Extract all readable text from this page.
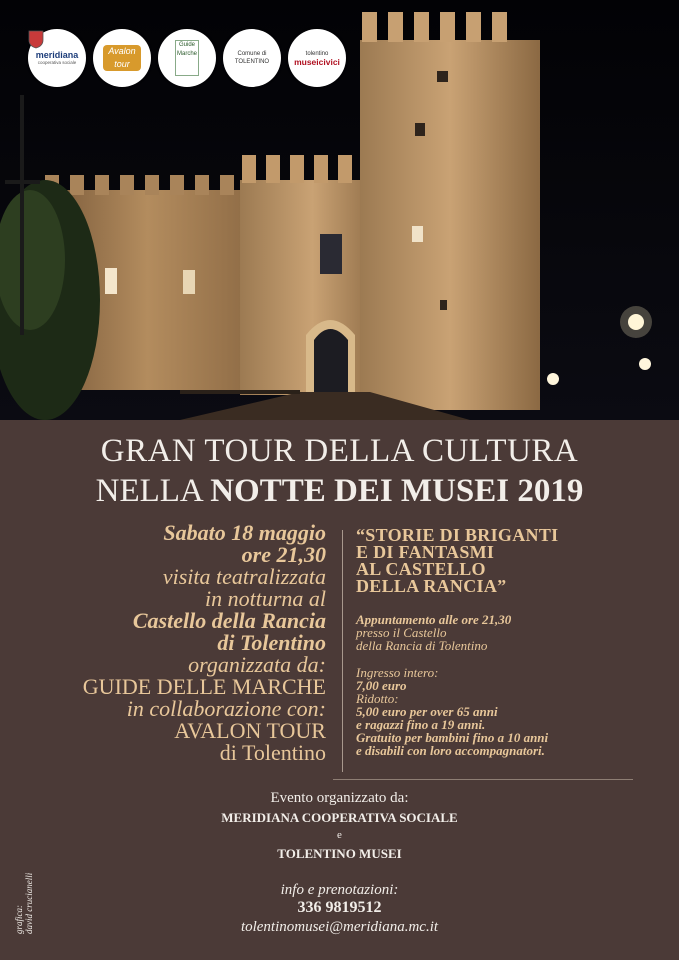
meridiana
cooperativa sociale
Avalon
tour
Guide
Marche	Comune di
TOLENTINO
tolentino
museicivici
GRAN TOUR DELLA CULTURA
NELLA NOTTE DEI MUSEI 2019
Sabato 18 maggio
ore 21,30
visita teatralizzata
in notturna al
Castello della Rancia
di Tolentino
organizzata da:
GUIDE DELLE MARCHE
in collaborazione con:
AVALON TOUR
di Tolentino
“STORIE DI BRIGANTI
E DI FANTASMI
AL CASTELLO
DELLA RANCIA”
Appuntamento alle ore 21,30
presso il Castello
della Rancia di Tolentino
Ingresso intero:
7,00 euro
Ridotto:
5,00 euro per over 65 anni
e ragazzi fino a 19 anni.
Gratuito per bambini fino a 10 anni
e disabili con loro accompagnatori.
Evento organizzato da:
MERIDIANA COOPERATIVA SOCIALE
e
TOLENTINO MUSEI
info e prenotazioni:
336 9819512
tolentinomusei@meridiana.mc.it
grafica: david crucianelli
